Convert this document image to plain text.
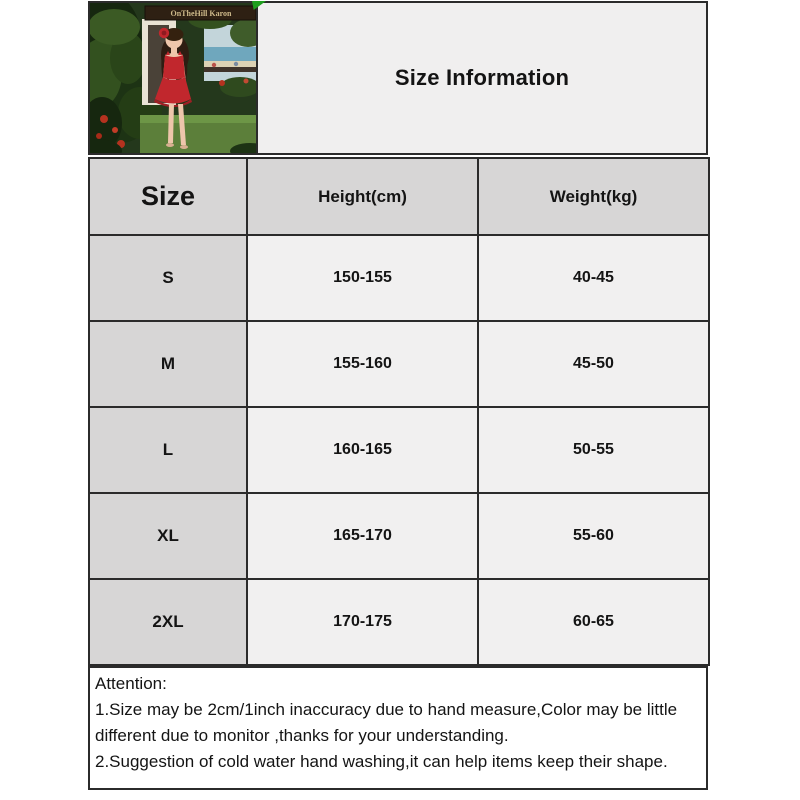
OnTheHill Karon
Size Information
Size	Height(cm)	Weight(kg)
S	150-155	40-45
M	155-160	45-50
L	160-165	50-55
XL	165-170	55-60
2XL	170-175	60-65

Attention:

1.Size may be 2cm/1inch inaccuracy due to hand measure,Color may be little different due to monitor ,thanks for your understanding.

2.Suggestion of cold water hand washing,it can help items keep their shape.
